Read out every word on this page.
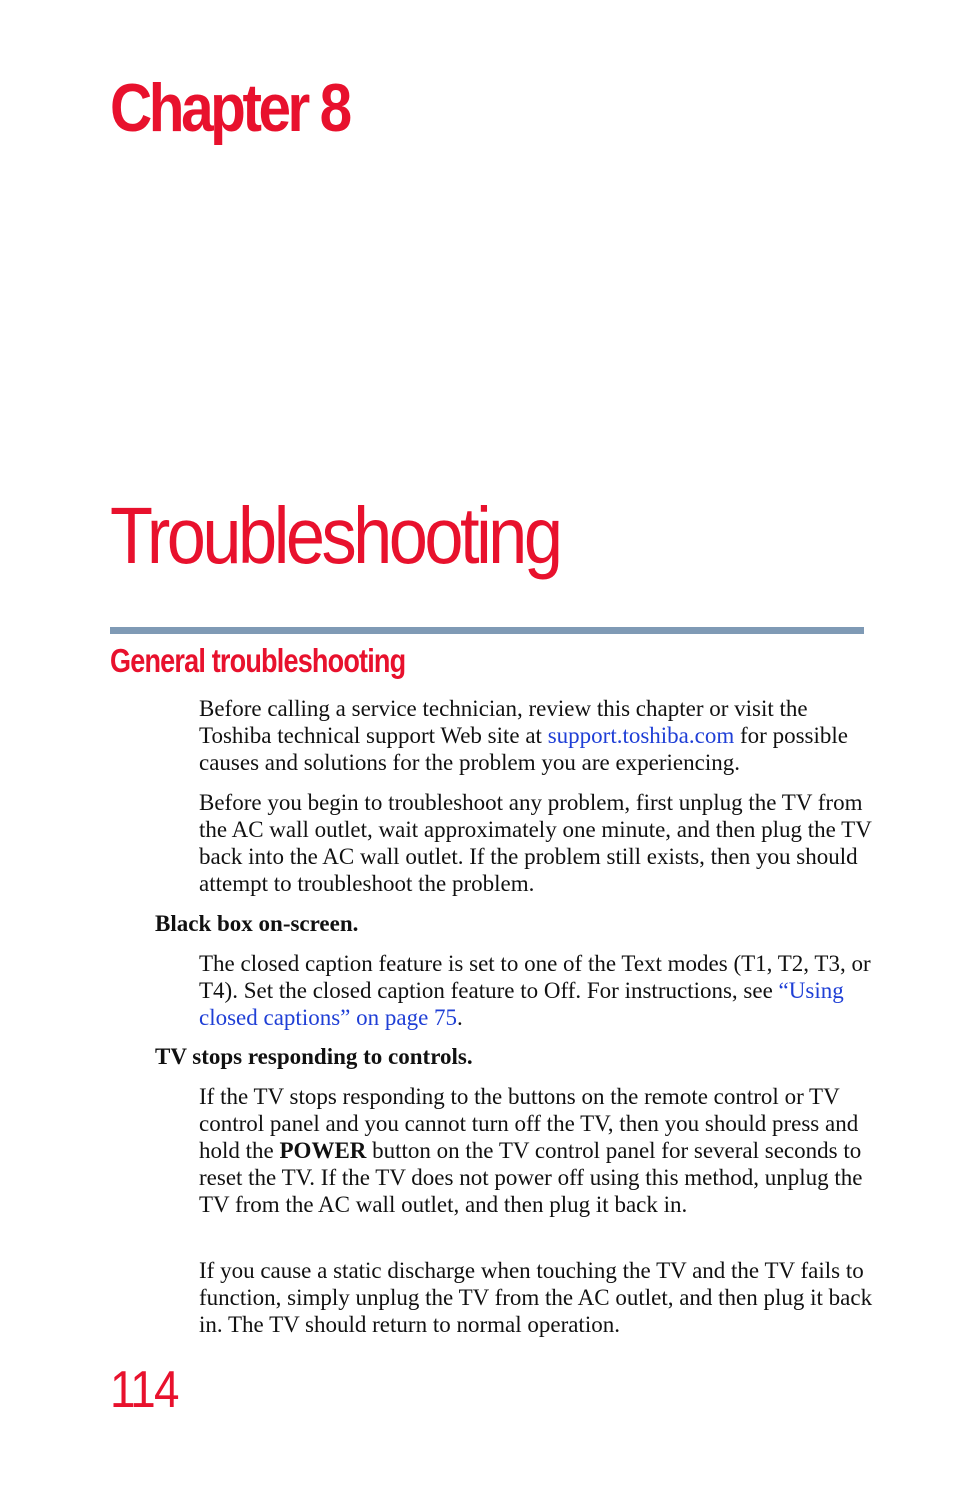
Chapter 8
Troubleshooting
General troubleshooting

Before calling a service technician, review this chapter or visit the Toshiba technical support Web site at support.toshiba.com for possible causes and solutions for the problem you are experiencing.

Before you begin to troubleshoot any problem, first unplug the TV from the AC wall outlet, wait approximately one minute, and then plug the TV back into the AC wall outlet. If the problem still exists, then you should attempt to troubleshoot the problem.

Black box on-screen.

The closed caption feature is set to one of the Text modes (T1, T2, T3, or T4). Set the closed caption feature to Off. For instructions, see “Using closed captions” on page 75.

TV stops responding to controls.

If the TV stops responding to the buttons on the remote control or TV control panel and you cannot turn off the TV, then you should press and hold the POWER button on the TV control panel for several seconds to reset the TV. If the TV does not power off using this method, unplug the TV from the AC wall outlet, and then plug it back in.

If you cause a static discharge when touching the TV and the TV fails to function, simply unplug the TV from the AC outlet, and then plug it back in. The TV should return to normal operation.

114
